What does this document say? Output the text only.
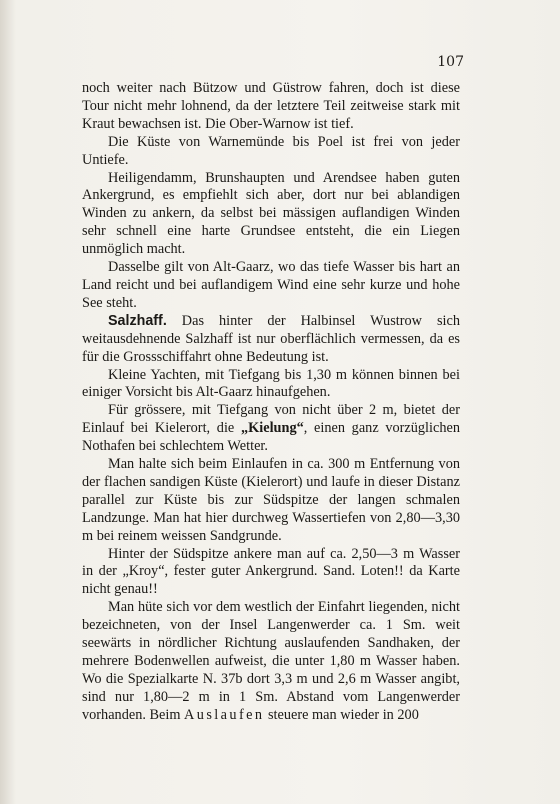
107

noch weiter nach Bützow und Güstrow fahren, doch ist diese Tour nicht mehr lohnend, da der letztere Teil zeitweise stark mit Kraut bewachsen ist. Die Ober-Warnow ist tief.

Die Küste von Warnemünde bis Poel ist frei von jeder Untiefe.

Heiligendamm, Brunshaupten und Arendsee haben guten Ankergrund, es empfiehlt sich aber, dort nur bei ablandigen Winden zu ankern, da selbst bei mässigen auflandigen Winden sehr schnell eine harte Grundsee entsteht, die ein Liegen unmöglich macht.

Dasselbe gilt von Alt-Gaarz, wo das tiefe Wasser bis hart an Land reicht und bei auflandigem Wind eine sehr kurze und hohe See steht.

Salzhaff. Das hinter der Halbinsel Wustrow sich weitausdehnende Salzhaff ist nur oberflächlich vermessen, da es für die Grossschiffahrt ohne Bedeutung ist.

Kleine Yachten, mit Tiefgang bis 1,30 m können binnen bei einiger Vorsicht bis Alt-Gaarz hinaufgehen.

Für grössere, mit Tiefgang von nicht über 2 m, bietet der Einlauf bei Kielerort, die „Kielung“, einen ganz vorzüglichen Nothafen bei schlechtem Wetter.

Man halte sich beim Einlaufen in ca. 300 m Entfernung von der flachen sandigen Küste (Kielerort) und laufe in dieser Distanz parallel zur Küste bis zur Südspitze der langen schmalen Landzunge. Man hat hier durchweg Wassertiefen von 2,80—3,30 m bei reinem weissen Sandgrunde.

Hinter der Südspitze ankere man auf ca. 2,50—3 m Wasser in der „Kroy“, fester guter Ankergrund. Sand. Loten!! da Karte nicht genau!!

Man hüte sich vor dem westlich der Einfahrt liegenden, nicht bezeichneten, von der Insel Langenwerder ca. 1 Sm. weit seewärts in nördlicher Richtung auslaufenden Sandhaken, der mehrere Bodenwellen aufweist, die unter 1,80 m Wasser haben. Wo die Spezialkarte N. 37b dort 3,3 m und 2,6 m Wasser angibt, sind nur 1,80—2 m in 1 Sm. Abstand vom Langenwerder vorhanden. Beim Auslaufen steuere man wieder in 200
